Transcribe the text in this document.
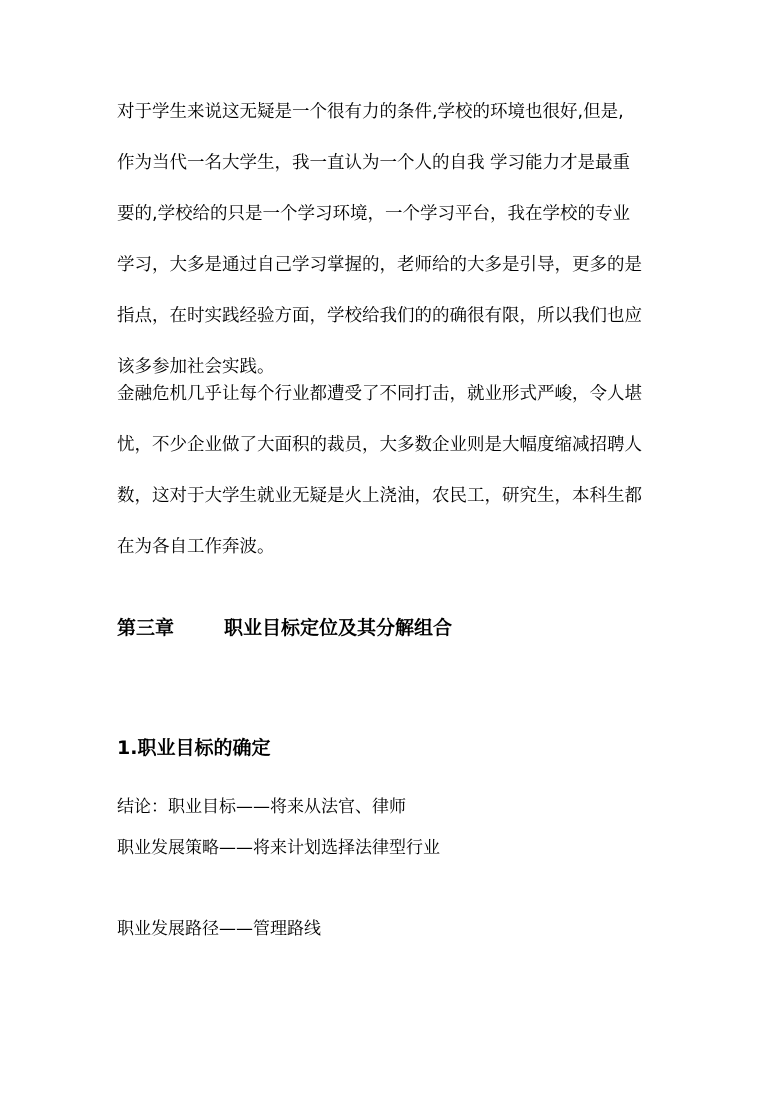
对于学生来说这无疑是一个很有力的条件,学校的环境也很好,但是,
作为当代一名大学生，我一直认为一个人的自我 学习能力才是最重
要的,学校给的只是一个学习环境，一个学习平台，我在学校的专业
学习，大多是通过自己学习掌握的，老师给的大多是引导，更多的是
指点，在时实践经验方面，学校给我们的的确很有限，所以我们也应
该多参加社会实践。
金融危机几乎让每个行业都遭受了不同打击，就业形式严峻，令人堪
忧，不少企业做了大面积的裁员，大多数企业则是大幅度缩减招聘人
数，这对于大学生就业无疑是火上浇油，农民工，研究生，本科生都
在为各自工作奔波。
第三章	职业目标定位及其分解组合
1.职业目标的确定
结论：职业目标——将来从法官、律师
职业发展策略——将来计划选择法律型行业
职业发展路径——管理路线
